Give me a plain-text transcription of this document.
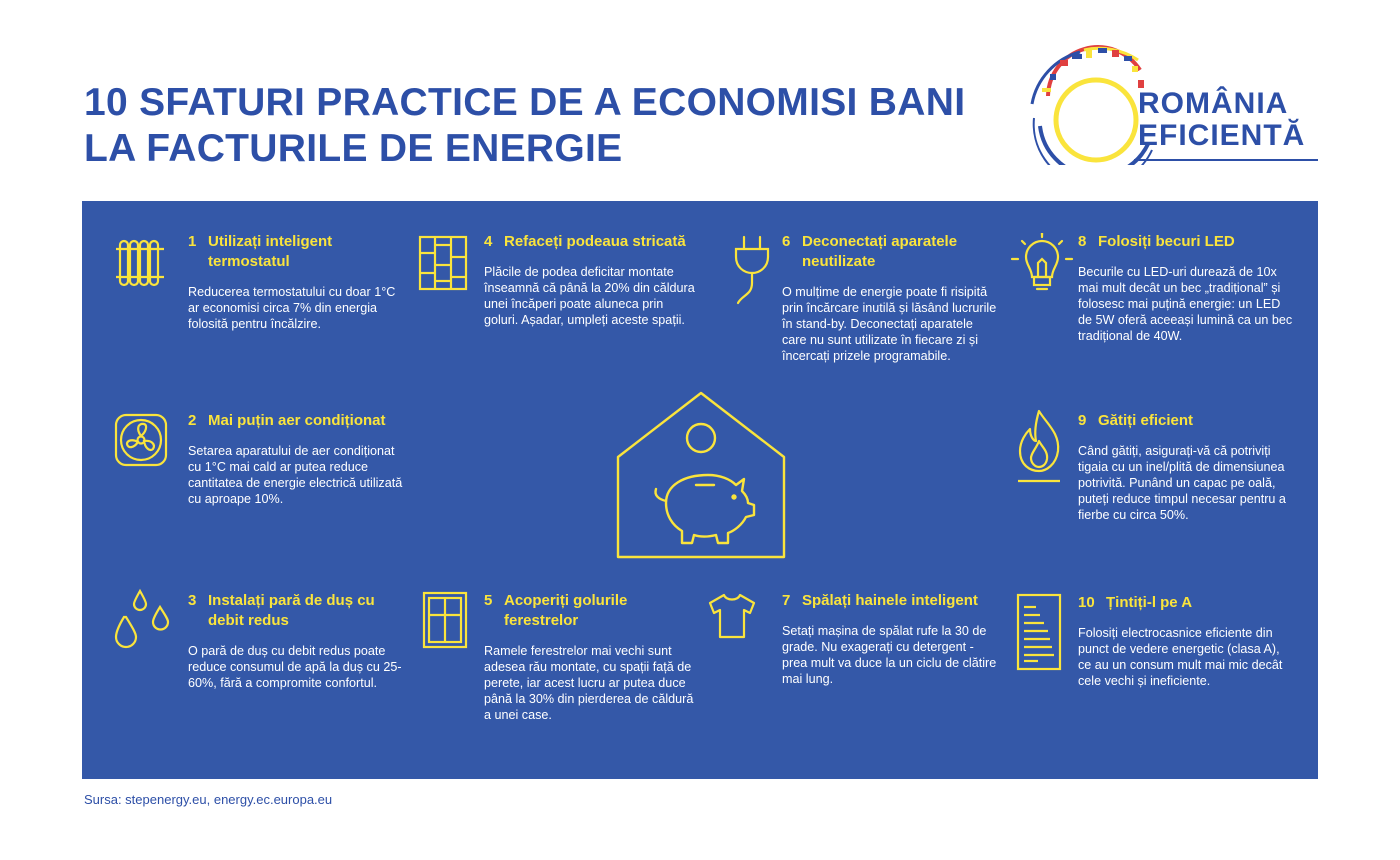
10 SFATURI PRACTICE DE A ECONOMISI BANI
LA FACTURILE DE ENERGIE
ROMÂNIA
EFICIENTĂ
1 Utilizați inteligent termostatul
Reducerea termostatului cu doar 1°C ar economisi circa 7% din energia folosită pentru încălzire.
2 Mai puțin aer condiționat
Setarea aparatului de aer condiționat cu 1°C mai cald ar putea reduce cantitatea de energie electrică utilizată cu aproape 10%.
3 Instalați pară de duș cu debit redus
O pară de duș cu debit redus poate reduce consumul de apă la duș cu 25-60%, fără a compromite confortul.
4 Refaceți podeaua stricată
Plăcile de podea deficitar montate înseamnă că până la 20% din căldura unei încăperi poate aluneca prin goluri. Așadar, umpleți aceste spații.
5 Acoperiți golurile ferestrelor
Ramele ferestrelor mai vechi sunt adesea rău montate, cu spații față de perete, iar acest lucru ar putea duce până la 30% din pierderea de căldură a unei case.
6 Deconectați aparatele neutilizate
O mulțime de energie poate fi risipită prin încărcare inutilă și lăsând lucrurile în stand-by. Deconectați aparatele care nu sunt utilizate în fiecare zi și încercați prizele programabile.
7 Spălați hainele inteligent
Setați mașina de spălat rufe la 30 de grade. Nu exagerați cu detergent - prea mult va duce la un ciclu de clătire mai lung.
8 Folosiți becuri LED
Becurile cu LED-uri durează de 10x mai mult decât un bec „tradițional” și folosesc mai puțină energie: un LED de 5W oferă aceeași lumină ca un bec tradițional de 40W.
9 Gătiți eficient
Când gătiți, asigurați-vă că potriviți tigaia cu un inel/plită de dimensiunea potrivită. Punând un capac pe oală, puteți reduce timpul necesar pentru a fierbe cu circa 50%.
10 Țintiți-l pe A
Folosiți electrocasnice eficiente din punct de vedere energetic (clasa A), ce au un consum mult mai mic decât cele vechi și ineficiente.
Sursa: stepenergy.eu, energy.ec.europa.eu
